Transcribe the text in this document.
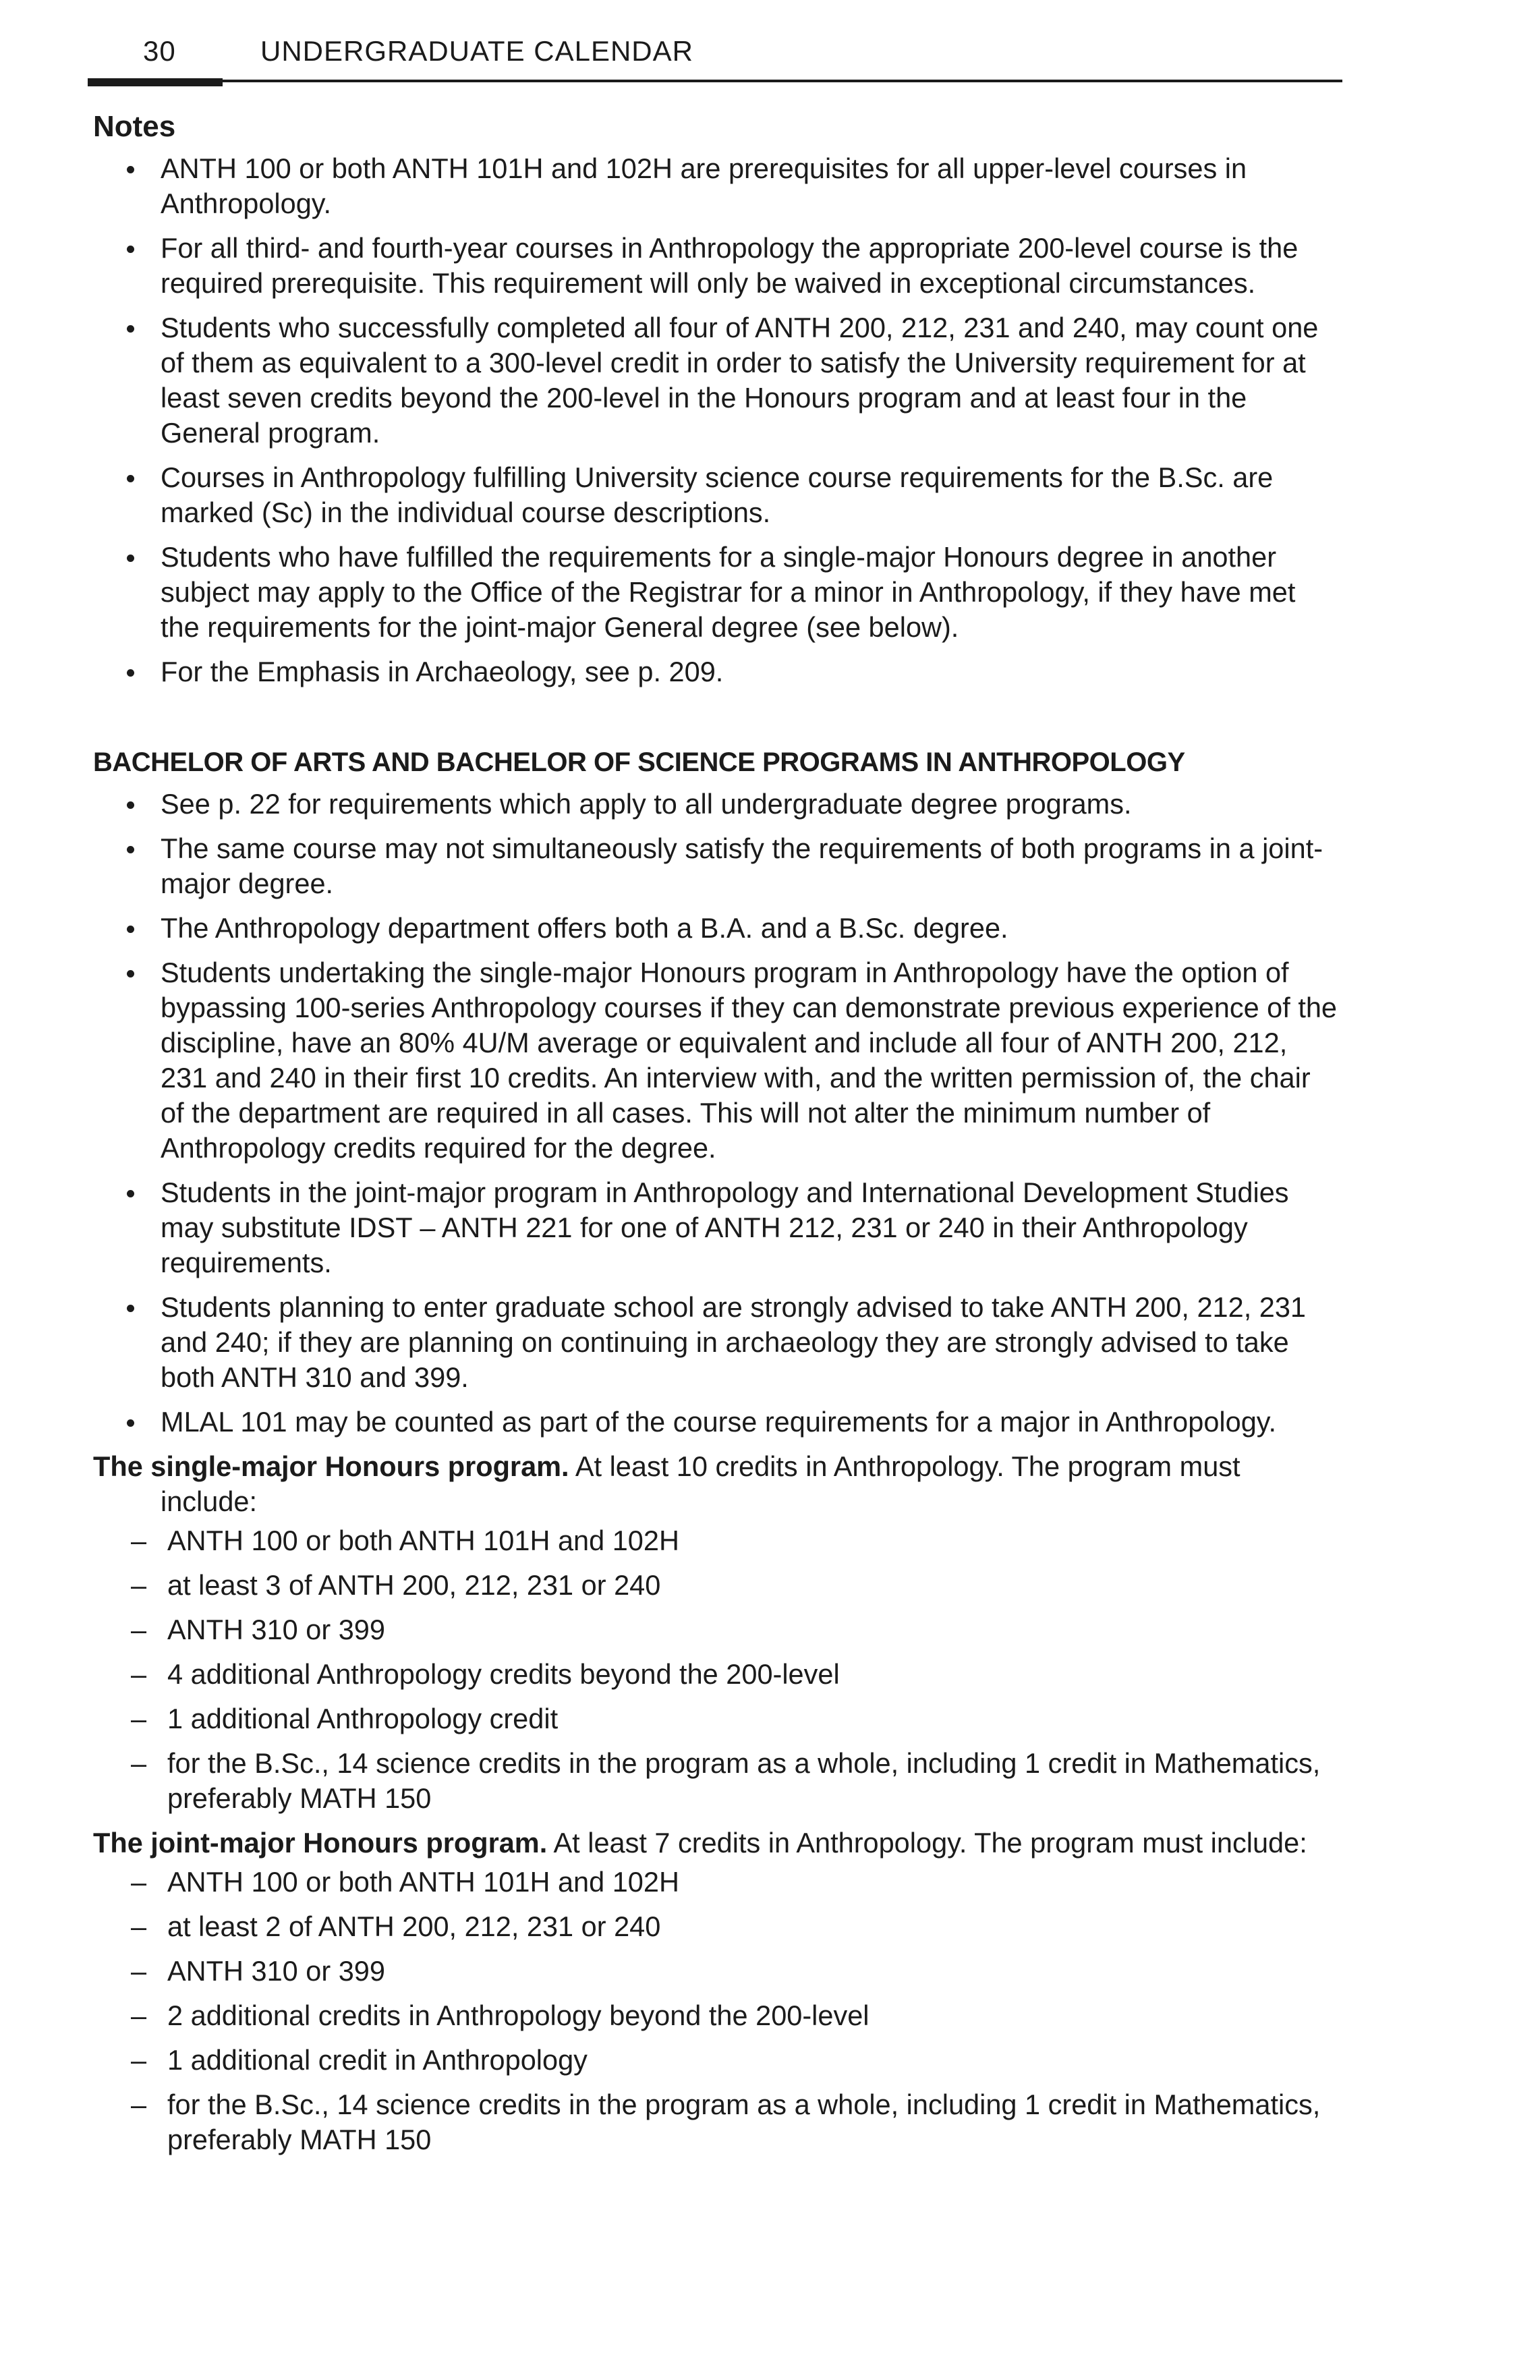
30	UNDERGRADUATE CALENDAR
Notes
ANTH 100 or both ANTH 101H and 102H are prerequisites for all upper-level courses in Anthropology.
For all third- and fourth-year courses in Anthropology the appropriate 200-level course is the required prerequisite. This requirement will only be waived in exceptional circumstances.
Students who successfully completed all four of ANTH 200, 212, 231 and 240, may count one of them as equivalent to a 300-level credit in order to satisfy the University requirement for at least seven credits beyond the 200-level in the Honours program and at least four in the General program.
Courses in Anthropology fulfilling University science course requirements for the B.Sc. are marked (Sc) in the individual course descriptions.
Students who have fulfilled the requirements for a single-major Honours degree in another subject may apply to the Office of the Registrar for a minor in Anthropology, if they have met the requirements for the joint-major General degree (see below).
For the Emphasis in Archaeology, see p. 209.
BACHELOR OF ARTS AND BACHELOR OF SCIENCE PROGRAMS IN ANTHROPOLOGY
See p. 22 for requirements which apply to all undergraduate degree programs.
The same course may not simultaneously satisfy the requirements of both programs in a joint-major degree.
The Anthropology department offers both a B.A. and a B.Sc. degree.
Students undertaking the single-major Honours program in Anthropology have the option of bypassing 100-series Anthropology courses if they can demonstrate previous experience of the discipline, have an 80% 4U/M average or equivalent and include all four of ANTH 200, 212, 231 and 240 in their first 10 credits. An interview with, and the written permission of, the chair of the department are required in all cases. This will not alter the minimum number of Anthropology credits required for the degree.
Students in the joint-major program in Anthropology and International Development Studies may substitute IDST – ANTH 221 for one of ANTH 212, 231 or 240 in their Anthropology requirements.
Students planning to enter graduate school are strongly advised to take ANTH 200, 212, 231 and 240; if they are planning on continuing in archaeology they are strongly advised to take both ANTH 310 and 399.
MLAL 101 may be counted as part of the course requirements for a major in Anthropology.

The single-major Honours program. At least 10 credits in Anthropology. The program must include:

– ANTH 100 or both ANTH 101H and 102H
– at least 3 of ANTH 200, 212, 231 or 240
– ANTH 310 or 399
– 4 additional Anthropology credits beyond the 200-level
– 1 additional Anthropology credit
– for the B.Sc., 14 science credits in the program as a whole, including 1 credit in Mathematics, preferably MATH 150

The joint-major Honours program. At least 7 credits in Anthropology. The program must include:

– ANTH 100 or both ANTH 101H and 102H
– at least 2 of ANTH 200, 212, 231 or 240
– ANTH 310 or 399
– 2 additional credits in Anthropology beyond the 200-level
– 1 additional credit in Anthropology
– for the B.Sc., 14 science credits in the program as a whole, including 1 credit in Mathematics, preferably MATH 150
